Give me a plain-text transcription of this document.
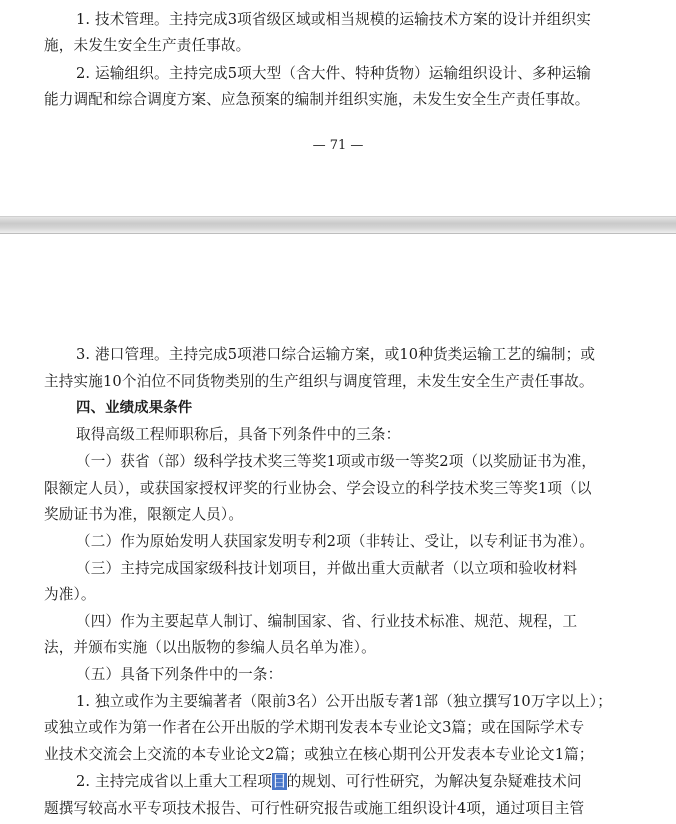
1. 技术管理。主持完成3项省级区域或相当规模的运输技术方案的设计并组织实
施，未发生安全生产责任事故。
2. 运输组织。主持完成5项大型（含大件、特种货物）运输组织设计、多种运输
能力调配和综合调度方案、应急预案的编制并组织实施，未发生安全生产责任事故。
— 71 —
3. 港口管理。主持完成5项港口综合运输方案，或10种货类运输工艺的编制；或
主持实施10个泊位不同货物类别的生产组织与调度管理，未发生安全生产责任事故。
四、业绩成果条件
取得高级工程师职称后，具备下列条件中的三条：
（一）获省（部）级科学技术奖三等奖1项或市级一等奖2项（以奖励证书为准，
限额定人员），或获国家授权评奖的行业协会、学会设立的科学技术奖三等奖1项（以
奖励证书为准，限额定人员）。
（二）作为原始发明人获国家发明专利2项（非转让、受让，以专利证书为准）。
（三）主持完成国家级科技计划项目，并做出重大贡献者（以立项和验收材料
为准）。
（四）作为主要起草人制订、编制国家、省、行业技术标准、规范、规程，工
法，并颁布实施（以出版物的参编人员名单为准）。
（五）具备下列条件中的一条：
1. 独立或作为主要编著者（限前3名）公开出版专著1部（独立撰写10万字以上）；
或独立或作为第一作者在公开出版的学术期刊发表本专业论文3篇；或在国际学术专
业技术交流会上交流的本专业论文2篇；或独立在核心期刊公开发表本专业论文1篇；
2. 主持完成省以上重大工程项目的规划、可行性研究，为解决复杂疑难技术问
题撰写较高水平专项技术报告、可行性研究报告或施工组织设计4项，通过项目主管
